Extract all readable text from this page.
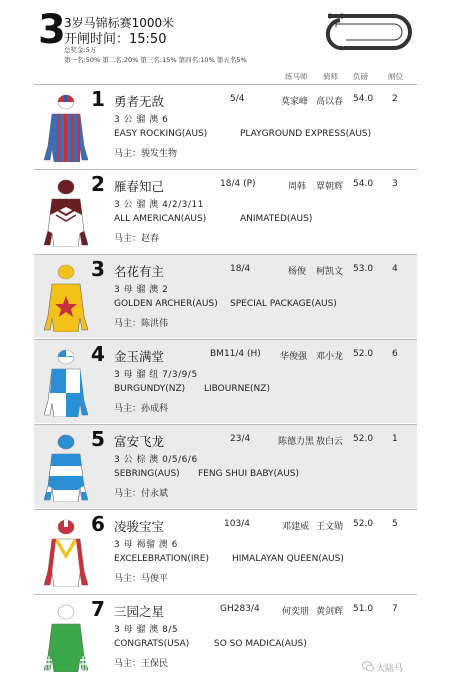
3
3岁马锦标赛1000米
开闸时间：15:50
总奖金:5万
第一名:50% 第二名:20% 第三名:15% 第四名:10% 第五名5%
练马师 骑师 负磅	闸位
1 勇者无敌	5/4	莫家峰 高以春 54.0 2
3 公 骝 澳 6
EASY ROCKING(AUS)	PLAYGROUND EXPRESS(AUS)
马主：骏发生物
2 雁春知己	18/4 (P)	周韩 覃朝辉 54.0 3
3 公 骝 澳 4/2/3/11
ALL AMERICAN(AUS)	ANIMATED(AUS)
马主：赵春
3 名花有主	18/4	杨俊 柯凯文 53.0 4
3 母 骝 澳 2
GOLDEN ARCHER(AUS) SPECIAL PACKAGE(AUS)
马主：陈洪伟
4 金玉满堂	BM11/4 (H) 华俊强 邓小龙 52.0 6
3 母 骝 纽 7/3/9/5
BURGUNDY(NZ) LIBOURNE(NZ)
马主：孙成科
5 富安飞龙	23/4	陈德力黑 敖白云 52.0 1
3 公 棕 澳 0/5/6/6
SEBRING(AUS) FENG SHUI BABY(AUS)
马主：付永斌
6 凌骏宝宝	103/4	邓建威 王文勋 52.0 5
3 母 褐骝 澳 6
EXCELEBRATION(IRE)	HIMALAYAN QUEEN(AUS)
马主：马俊平
7 三园之星	GH283/4 何奕朋 黄剑辉 51.0 7
3 母 骝 澳 8/5
CONGRATS(USA)	SO SO MADICA(AUS)
马主：王保民	大陆马
